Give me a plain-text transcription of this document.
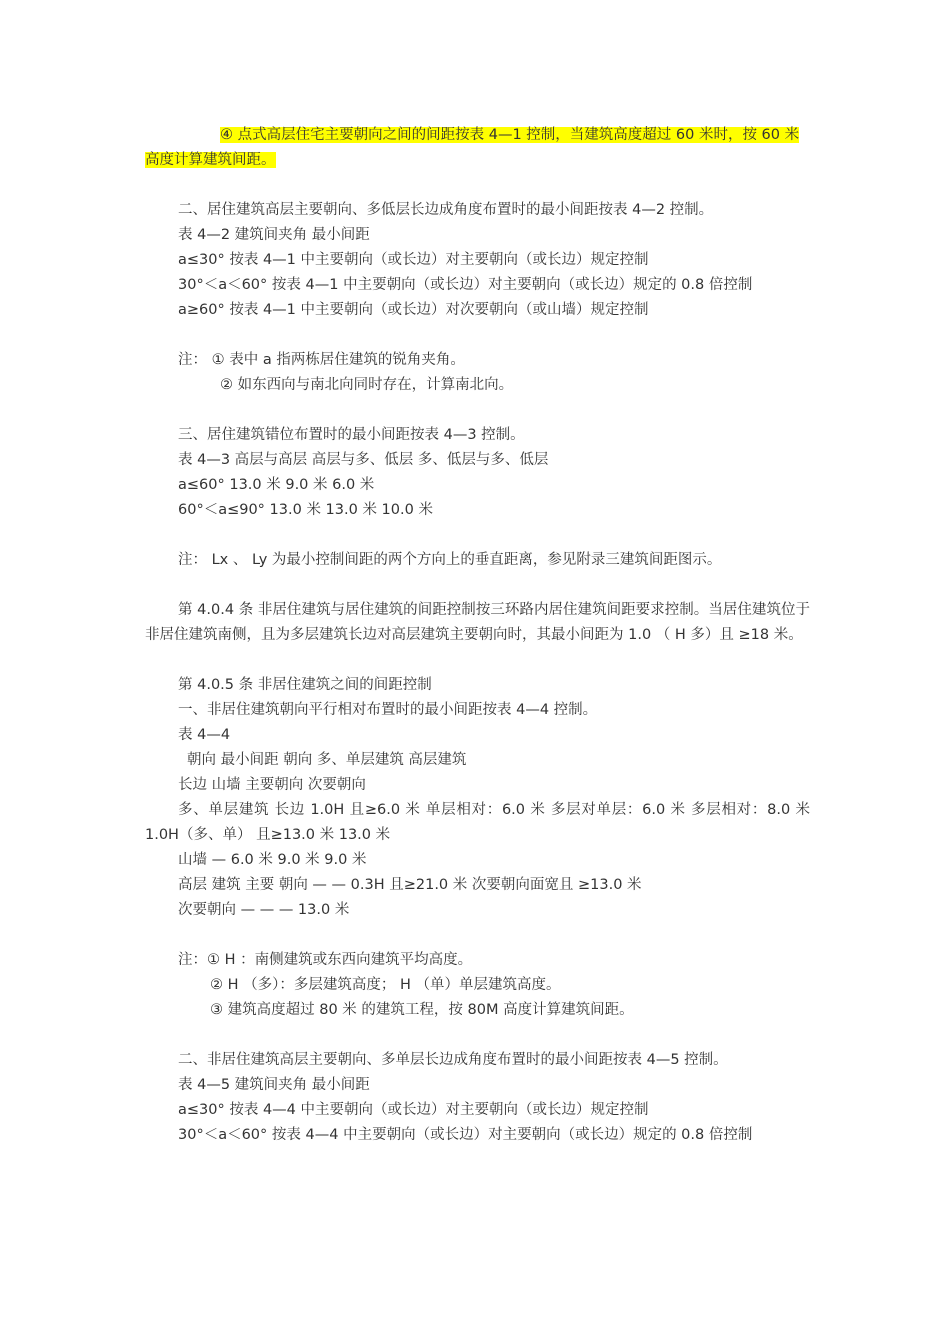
④ 点式高层住宅主要朝向之间的间距按表 4—1 控制，当建筑高度超过 60 米时，按 60 米 高度计算建筑间距。

二、居住建筑高层主要朝向、多低层长边成角度布置时的最小间距按表 4—2 控制。

表 4—2 建筑间夹角 最小间距

a≤30° 按表 4—1 中主要朝向（或长边）对主要朝向（或长边）规定控制

30°＜a＜60° 按表 4—1 中主要朝向（或长边）对主要朝向（或长边）规定的 0.8 倍控制

a≥60° 按表 4—1 中主要朝向（或长边）对次要朝向（或山墙）规定控制

注： ① 表中 a 指两栋居住建筑的锐角夹角。

② 如东西向与南北向同时存在，计算南北向。

三、居住建筑错位布置时的最小间距按表 4—3 控制。

表 4—3 高层与高层 高层与多、低层 多、低层与多、低层

a≤60° 13.0 米 9.0 米 6.0 米

60°＜a≤90° 13.0 米 13.0 米 10.0 米

注： Lx 、 Ly 为最小控制间距的两个方向上的垂直距离，参见附录三建筑间距图示。

第 4.0.4 条 非居住建筑与居住建筑的间距控制按三环路内居住建筑间距要求控制。当居住建筑位于非居住建筑南侧，且为多层建筑长边对高层建筑主要朝向时，其最小间距为 1.0 （ H 多）且 ≥18 米。

第 4.0.5 条 非居住建筑之间的间距控制

一、非居住建筑朝向平行相对布置时的最小间距按表 4—4 控制。

表 4—4

朝向 最小间距 朝向 多、单层建筑 高层建筑

长边 山墙 主要朝向 次要朝向

多、单层建筑 长边 1.0H 且≥6.0 米 单层相对：6.0 米 多层对单层：6.0 米 多层相对：8.0 米 1.0H（多、单） 且≥13.0 米 13.0 米

山墙 — 6.0 米 9.0 米 9.0 米

高层 建筑 主要 朝向 — — 0.3H 且≥21.0 米 次要朝向面宽且 ≥13.0 米

次要朝向 — — — 13.0 米

注：① H ：南侧建筑或东西向建筑平均高度。

② H （多）：多层建筑高度； H （单）单层建筑高度。

③ 建筑高度超过 80 米 的建筑工程，按 80M 高度计算建筑间距。

二、非居住建筑高层主要朝向、多单层长边成角度布置时的最小间距按表 4—5 控制。

表 4—5 建筑间夹角 最小间距

a≤30° 按表 4—4 中主要朝向（或长边）对主要朝向（或长边）规定控制

30°＜a＜60° 按表 4—4 中主要朝向（或长边）对主要朝向（或长边）规定的 0.8 倍控制
